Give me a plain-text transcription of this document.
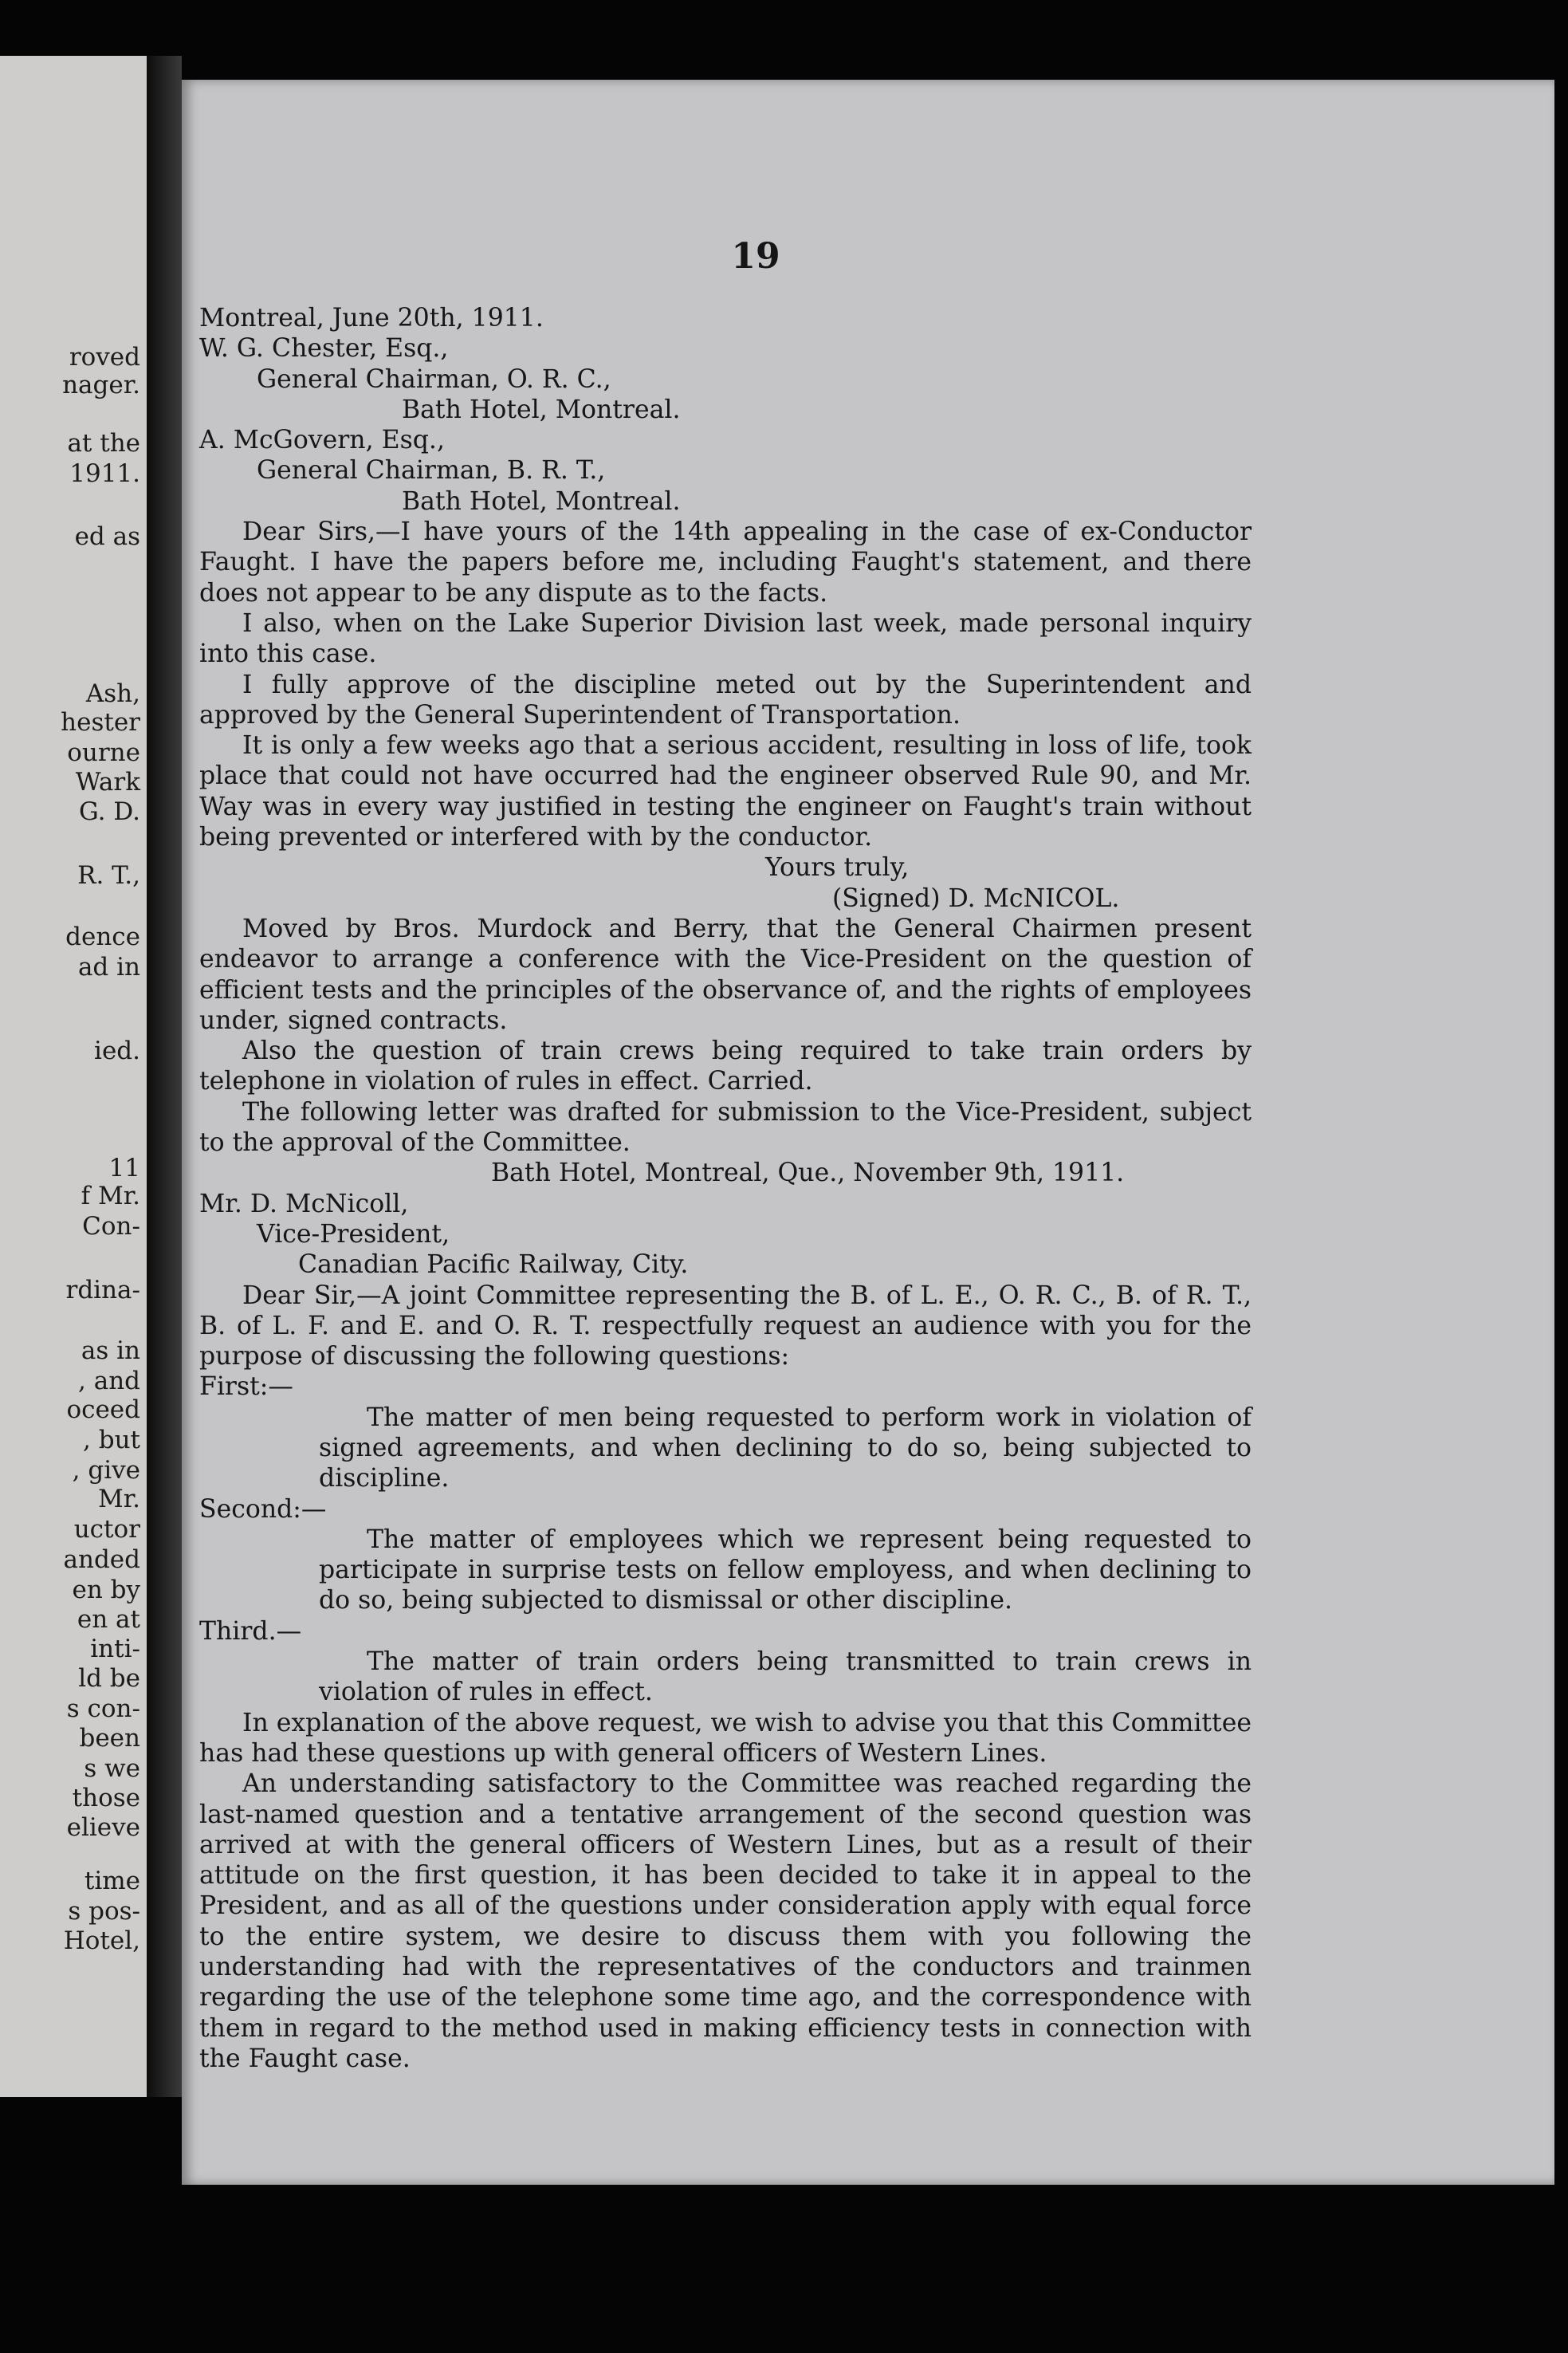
roved

nager.

at the

1911.

ed as

Ash,

hester

ourne

Wark

G. D.

R. T.,

dence

ad in

ied.

11

f Mr.

Con-

rdina-

as in

, and

oceed

, but

, give

Mr.

uctor

anded

en by

en at

inti-

ld be

s con-

been

s we

those

elieve

time

s pos-

Hotel,

19

Montreal, June 20th, 1911.

W. G. Chester, Esq.,

General Chairman, O. R. C.,

Bath Hotel, Montreal.

A. McGovern, Esq.,

General Chairman, B. R. T.,

Bath Hotel, Montreal.

Dear Sirs,—I have yours of the 14th appealing in the case of ex-Conductor Faught. I have the papers before me, including Faught's statement, and there does not appear to be any dispute as to the facts.

I also, when on the Lake Superior Division last week, made personal inquiry into this case.

I fully approve of the discipline meted out by the Superintendent and approved by the General Superintendent of Transportation.

It is only a few weeks ago that a serious accident, resulting in loss of life, took place that could not have occurred had the engineer observed Rule 90, and Mr. Way was in every way justified in testing the engineer on Faught's train without being prevented or interfered with by the conductor.

Yours truly,

(Signed) D. McNICOL.

Moved by Bros. Murdock and Berry, that the General Chairmen present endeavor to arrange a conference with the Vice-President on the question of efficient tests and the principles of the observance of, and the rights of employees under, signed contracts.

Also the question of train crews being required to take train orders by telephone in violation of rules in effect. Carried.

The following letter was drafted for submission to the Vice-President, subject to the approval of the Committee.

Bath Hotel, Montreal, Que., November 9th, 1911.

Mr. D. McNicoll,

Vice-President,

Canadian Pacific Railway, City.

Dear Sir,—A joint Committee representing the B. of L. E., O. R. C., B. of R. T., B. of L. F. and E. and O. R. T. respectfully request an audience with you for the purpose of discussing the following questions:

First:—

The matter of men being requested to perform work in violation of signed agreements, and when declining to do so, being subjected to discipline.

Second:—

The matter of employees which we represent being requested to participate in surprise tests on fellow employess, and when declining to do so, being subjected to dismissal or other discipline.

Third.—

The matter of train orders being transmitted to train crews in violation of rules in effect.

In explanation of the above request, we wish to advise you that this Committee has had these questions up with general officers of Western Lines.

An understanding satisfactory to the Committee was reached regarding the last-named question and a tentative arrangement of the second question was arrived at with the general officers of Western Lines, but as a result of their attitude on the first question, it has been decided to take it in appeal to the President, and as all of the questions under consideration apply with equal force to the entire system, we desire to discuss them with you following the understanding had with the representatives of the conductors and trainmen regarding the use of the telephone some time ago, and the correspondence with them in regard to the method used in making efficiency tests in connection with the Faught case.
